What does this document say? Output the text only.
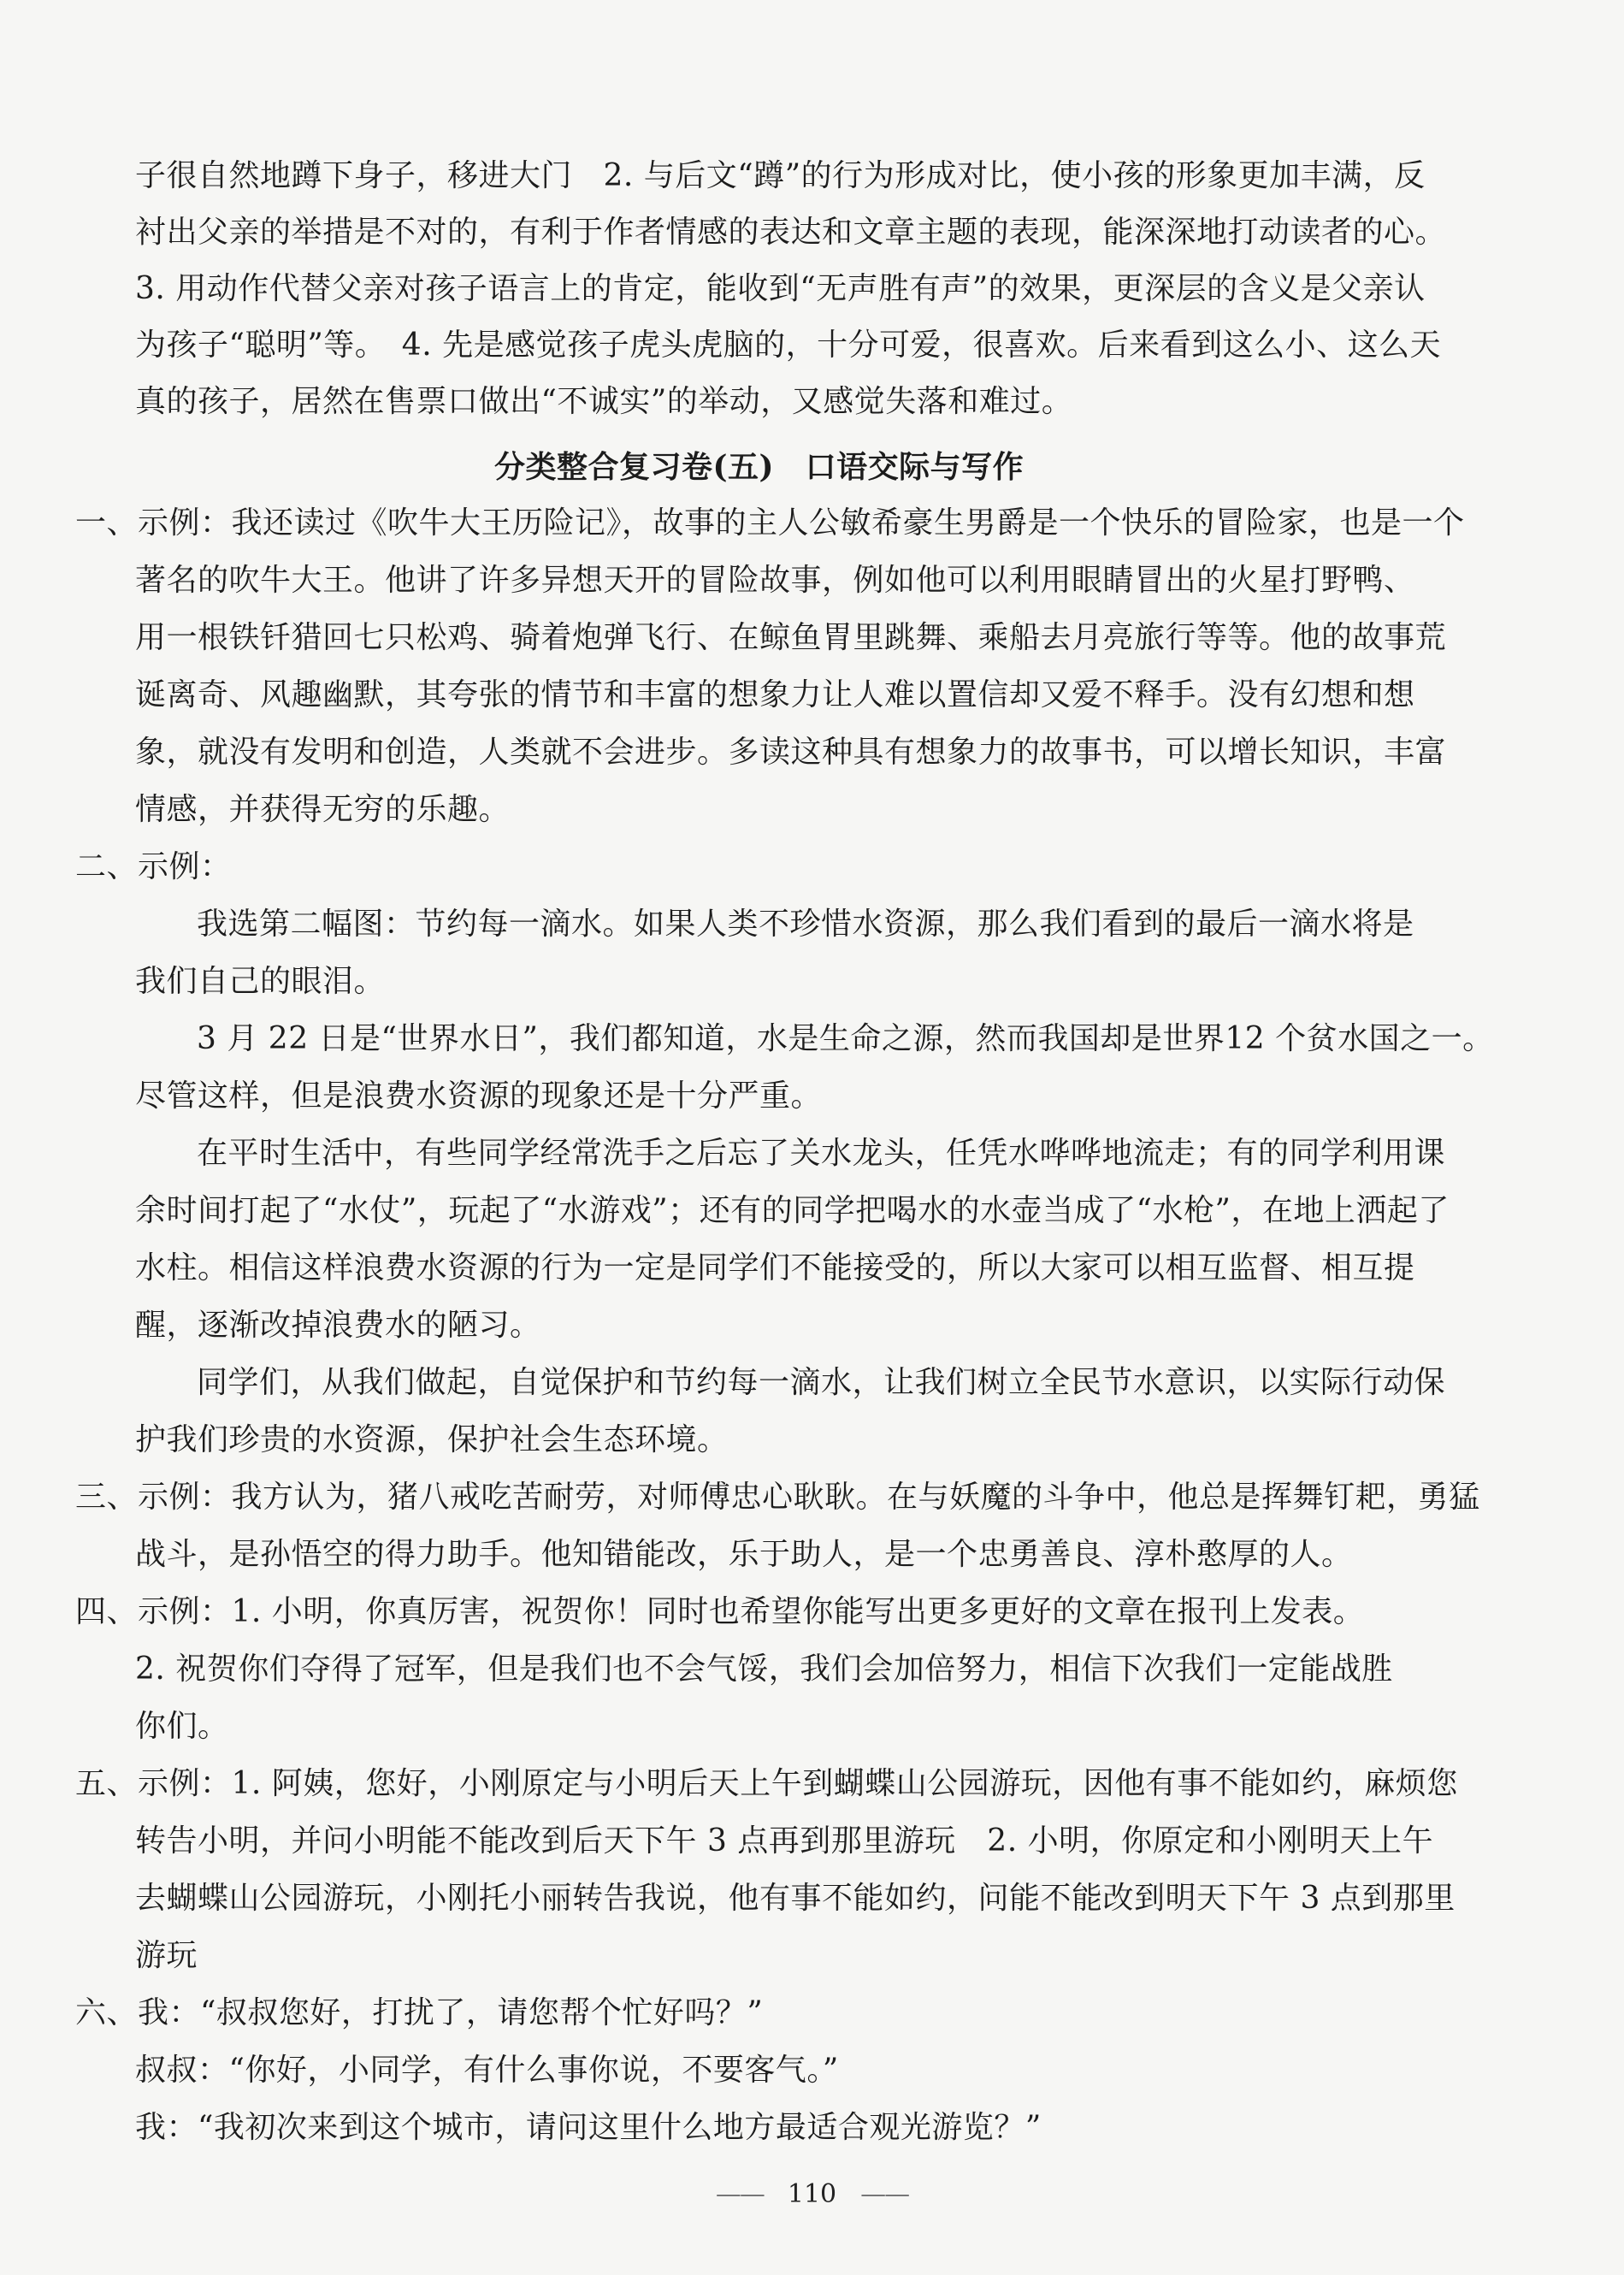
子很自然地蹲下身子，移进大门　2. 与后文“蹲”的行为形成对比，使小孩的形象更加丰满，反
衬出父亲的举措是不对的，有利于作者情感的表达和文章主题的表现，能深深地打动读者的心。
3. 用动作代替父亲对孩子语言上的肯定，能收到“无声胜有声”的效果，更深层的含义是父亲认
为孩子“聪明”等。　4. 先是感觉孩子虎头虎脑的，十分可爱，很喜欢。后来看到这么小、这么天
真的孩子，居然在售票口做出“不诚实”的举动，又感觉失落和难过。
分类整合复习卷(五)　口语交际与写作
一、示例：我还读过《吹牛大王历险记》，故事的主人公敏希豪生男爵是一个快乐的冒险家，也是一个
著名的吹牛大王。他讲了许多异想天开的冒险故事，例如他可以利用眼睛冒出的火星打野鸭、
用一根铁钎猎回七只松鸡、骑着炮弹飞行、在鲸鱼胃里跳舞、乘船去月亮旅行等等。他的故事荒
诞离奇、风趣幽默，其夸张的情节和丰富的想象力让人难以置信却又爱不释手。没有幻想和想
象，就没有发明和创造，人类就不会进步。多读这种具有想象力的故事书，可以增长知识，丰富
情感，并获得无穷的乐趣。
二、示例：
我选第二幅图：节约每一滴水。如果人类不珍惜水资源，那么我们看到的最后一滴水将是
我们自己的眼泪。
3 月 22 日是“世界水日”，我们都知道，水是生命之源，然而我国却是世界12 个贫水国之一。
尽管这样，但是浪费水资源的现象还是十分严重。
在平时生活中，有些同学经常洗手之后忘了关水龙头，任凭水哗哗地流走；有的同学利用课
余时间打起了“水仗”，玩起了“水游戏”；还有的同学把喝水的水壶当成了“水枪”，在地上洒起了
水柱。相信这样浪费水资源的行为一定是同学们不能接受的，所以大家可以相互监督、相互提
醒，逐渐改掉浪费水的陋习。
同学们，从我们做起，自觉保护和节约每一滴水，让我们树立全民节水意识，以实际行动保
护我们珍贵的水资源，保护社会生态环境。
三、示例：我方认为，猪八戒吃苦耐劳，对师傅忠心耿耿。在与妖魔的斗争中，他总是挥舞钉耙，勇猛
战斗，是孙悟空的得力助手。他知错能改，乐于助人，是一个忠勇善良、淳朴憨厚的人。
四、示例：1. 小明，你真厉害，祝贺你！同时也希望你能写出更多更好的文章在报刊上发表。
2. 祝贺你们夺得了冠军，但是我们也不会气馁，我们会加倍努力，相信下次我们一定能战胜
你们。
五、示例：1. 阿姨，您好，小刚原定与小明后天上午到蝴蝶山公园游玩，因他有事不能如约，麻烦您
转告小明，并问小明能不能改到后天下午 3 点再到那里游玩　2. 小明，你原定和小刚明天上午
去蝴蝶山公园游玩，小刚托小丽转告我说，他有事不能如约，问能不能改到明天下午 3 点到那里
游玩
六、我：“叔叔您好，打扰了，请您帮个忙好吗？”
叔叔：“你好，小同学，有什么事你说，不要客气。”
我：“我初次来到这个城市，请问这里什么地方最适合观光游览？”
——　110　——
